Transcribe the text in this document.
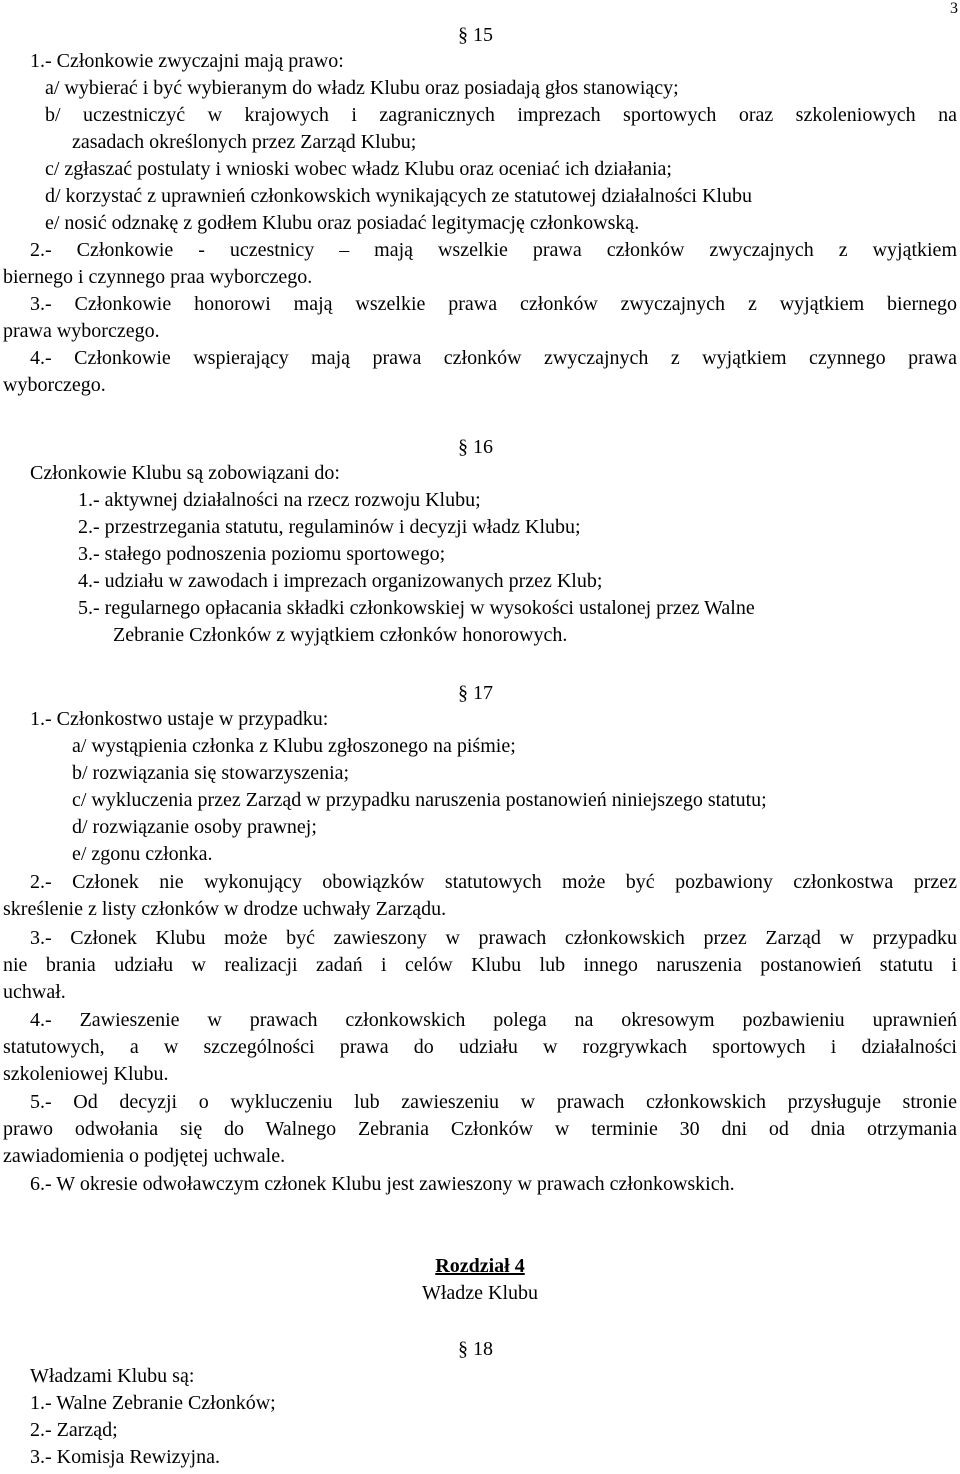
3
§ 15
1.- Członkowie zwyczajni mają prawo:
a/ wybierać i być wybieranym do władz Klubu oraz posiadają głos stanowiący;
b/ uczestniczyć w krajowych i zagranicznych imprezach sportowych oraz szkoleniowych na
zasadach określonych przez Zarząd Klubu;
c/ zgłaszać postulaty i wnioski wobec władz Klubu oraz oceniać ich działania;
d/ korzystać z uprawnień członkowskich wynikających ze statutowej działalności Klubu
e/ nosić odznakę z godłem Klubu oraz posiadać legitymację członkowską.
2.- Członkowie - uczestnicy – mają wszelkie prawa członków zwyczajnych z wyjątkiem
biernego i czynnego praa wyborczego.
3.- Członkowie honorowi mają wszelkie prawa członków zwyczajnych z wyjątkiem biernego
prawa wyborczego.
4.- Członkowie wspierający mają prawa członków zwyczajnych z wyjątkiem czynnego prawa
wyborczego.
§ 16
Członkowie Klubu są zobowiązani do:
1.- aktywnej działalności na rzecz rozwoju Klubu;
2.- przestrzegania statutu, regulaminów i decyzji władz Klubu;
3.- stałego podnoszenia poziomu sportowego;
4.- udziału w zawodach i imprezach organizowanych przez Klub;
5.- regularnego opłacania składki członkowskiej w wysokości ustalonej przez Walne
Zebranie Członków z wyjątkiem członków honorowych.
§ 17
1.- Członkostwo ustaje w przypadku:
a/ wystąpienia członka z Klubu zgłoszonego na piśmie;
b/ rozwiązania się stowarzyszenia;
c/ wykluczenia przez Zarząd w przypadku naruszenia postanowień niniejszego statutu;
d/ rozwiązanie osoby prawnej;
e/ zgonu członka.
2.- Członek nie wykonujący obowiązków statutowych może być pozbawiony członkostwa przez
skreślenie z listy członków w drodze uchwały Zarządu.
3.- Członek Klubu może być zawieszony w prawach członkowskich przez Zarząd w przypadku
nie brania udziału w realizacji zadań i celów Klubu lub innego naruszenia postanowień statutu i
uchwał.
4.- Zawieszenie w prawach członkowskich polega na okresowym pozbawieniu uprawnień
statutowych, a w szczególności prawa do udziału w rozgrywkach sportowych i działalności
szkoleniowej Klubu.
5.- Od decyzji o wykluczeniu lub zawieszeniu w prawach członkowskich przysługuje stronie
prawo odwołania się do Walnego Zebrania Członków w terminie 30 dni od dnia otrzymania
zawiadomienia o podjętej uchwale.
6.- W okresie odwoławczym członek Klubu jest zawieszony w prawach członkowskich.
Rozdział 4
Władze Klubu
§ 18
Władzami Klubu są:
1.- Walne Zebranie Członków;
2.- Zarząd;
3.- Komisja Rewizyjna.
